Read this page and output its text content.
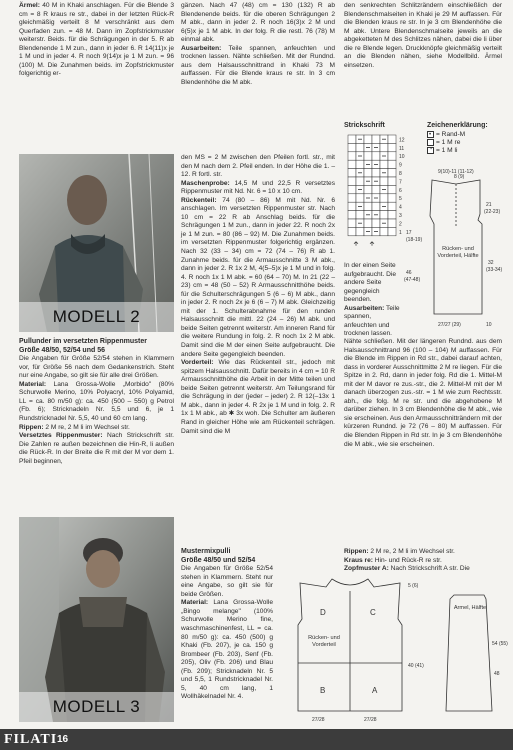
Ärmel: 40 M in Khaki anschlagen. Für die Blende 3 cm = 8 R kraus re str., dabei in der letzten Rück-R gleichmäßig verteilt 8 M verschränkt aus dem Querfaden zun. = 48 M. Dann im Zopfstrickmuster weiterstr. Beids. für die Schrägungen in der 5. R ab Blendenende 1 M zun., dann in jeder 6. R 14(11)x je 1 M und in jeder 4. R noch 9(14)x je 1 M zun. = 96 (100) M. Die Zunahmen beids. im Zopfstrickmuster folgerichtig er-

MODELL 2
Pullunder im versetzten Rippenmuster
Größe 48/50, 52/54 und 56

Die Angaben für Größe 52/54 stehen in Klammern vor, für Größe 56 nach dem Gedankenstrich. Steht nur eine Angabe, so gilt sie für alle drei Größen.

Material: Lana Grossa-Wolle „Morbido" (80% Schurwolle Merino, 10% Polyacryl, 10% Polyamid, LL = ca. 80 m/50 g): ca. 450 (500 – 550) g Petrol (Fb. 6); Stricknadeln Nr. 5,5 und 6, je 1 Rundstricknadel Nr. 5,5, 40 und 60 cm lang.

Rippen: 2 M re, 2 M li im Wechsel str.

Versetztes Rippenmuster: Nach Strickschrift str. Die Zahlen re außen bezeichnen die Hin-R, li außen die Rück-R. In der Breite die R mit der M vor dem 1. Pfeil beginnen,

MODELL 3

gänzen. Nach 47 (48) cm = 130 (132) R ab Blendenende beids. für die oberen Schrägungen 2 M abk., dann in jeder 2. R noch 16(3)x 2 M und 6(5)x je 1 M abk. In der folg. R die restl. 76 (78) M einmal abk.

Ausarbeiten: Teile spannen, anfeuchten und trocknen lassen. Nähte schließen. Mit der Rundnd. aus dem Halsausschnittrand in Khaki 73 M auffassen. Für die Blende kraus re str. In 3 cm Blendenhöhe die M abk.

den MS = 2 M zwischen den Pfeilen fortl. str., mit den M nach dem 2. Pfeil enden. In der Höhe die 1. – 12. R fortl. str.

Maschenprobe: 14,5 M und 22,5 R versetztes Rippenmuster mit Nd. Nr. 6 = 10 x 10 cm.

Rückenteil: 74 (80 – 86) M mit Nd. Nr. 6 anschlagen. Im versetzten Rippenmuster str. Nach 10 cm = 22 R ab Anschlag beids. für die Schrägungen 1 M zun., dann in jeder 22. R noch 2x je 1 M zun. = 80 (86 – 92) M. Die Zunahmen beids. im versetzten Rippenmuster folgerichtig ergänzen. Nach 32 (33 – 34) cm = 72 (74 – 76) R ab 1. Zunahme beids. für die Armausschnitte 3 M abk., dann in jeder 2. R 1x 2 M, 4(5–5)x je 1 M und in folg. 4. R noch 1x 1 M abk. = 60 (64 – 70) M. In 21 (22 – 23) cm = 48 (50 – 52) R Armausschnitthöhe beids. für die Schulterschrägungen 5 (6 – 6) M abk., dann in jeder 2. R noch 2x je 6 (6 – 7) M abk. Gleichzeitig mit der 1. Schulterabnahme für den runden Halsausschnitt die mittl. 22 (24 – 26) M abk. und beide Seiten getrennt weiterstr. Am inneren Rand für die weitere Rundung in folg. 2. R noch 1x 2 M abk. Damit sind die M der einen Seite aufgebraucht. Die andere Seite gegengleich beenden.

Vorderteil: Wie das Rückenteil str., jedoch mit spitzem Halsausschnitt. Dafür bereits in 4 cm = 10 R Armausschnitthöhe die Arbeit in der Mitte teilen und beide Seiten getrennt weiterstr. Am Teilungsrand für die Schrägung in der (jeder – jeder) 2. R 12(–13x 1 M abk., dann in jeder 4. R 2x je 1 M und in folg. 2. R 1x 1 M abk., ab ✱ 3x woh. Die Schulter am äußeren Rand in gleicher Höhe wie am Rückenteil schrägen. Damit sind die M

Mustermixpulli
Größe 48/50 und 52/54

Die Angaben für Größe 52/54 stehen in Klammern. Steht nur eine Angabe, so gilt sie für beide Größen.

Material: Lana Grossa-Wolle „Bingo melange" (100% Schurwolle Merino fine, waschmaschinenfest, LL = ca. 80 m/50 g): ca. 450 (500) g Khaki (Fb. 207), je ca. 150 g Brombeer (Fb. 203), Senf (Fb. 205), Oliv (Fb. 206) und Blau (Fb. 209); Stricknadeln Nr. 5 und 5,5, 1 Rundstricknadel Nr. 5, 40 cm lang, 1 Wollhäkelnadel Nr. 4.

den senkrechten Schlitzrändern einschließlich der Blendenschmalseiten in Khaki je 29 M auffassen. Für die Blenden kraus re str. In je 3 cm Blendenhöhe die M abk. Untere Blendenschmalseite jeweils an die abgeketteten M des Schlitzes nähen, dabei die li über die re Blende legen. Druckknöpfe gleichmäßig verteilt an die Blenden nähen, siehe Modellbild. Ärmel einsetzen.

Strickschrift
12
11
10
9
8
7
6
5
4
3
2
1
Zeichenerklärung:
• = Rand-M
= 1 M re
- = 1 M li
9(10)-11 (11-12)
8 (9)
17
(18-19)
21
(22-23)
46
(47-48)
32
(33-34)
27/27 (29)	10
Rücken- und Vorderteil, Hälfte

In der einen Seite aufgebraucht. Die andere Seite gegengleich beenden.

Ausarbeiten: Teile spannen, anfeuchten und trocknen lassen.

Nähte schließen. Mit der längeren Rundnd. aus dem Halsausschnittrand 96 (100 – 104) M auffassen. Für die Blende im Rippen in Rd str., dabei darauf achten, dass in vorderer Ausschnittmitte 2 M re liegen. Für die Spitze in 2. Rd, dann in jeder folg. Rd die 1. Mittel-M mit der M davor re zus.-str., die 2. Mittel-M mit der M danach überzogen zus.-str. = 1 M wie zum Rechtsstr. abh., die folg. M re str. und die abgehobene M darüber ziehen. In 3 cm Blendenhöhe die M abk., wie sie erscheinen. Aus den Armausschnitträndern mit der kürzeren Rundnd. je 72 (76 – 80) M auffassen. Für die Blenden Rippen in Rd str. In je 3 cm Blendenhöhe die M abk., wie sie erscheinen.

Rippen: 2 M re, 2 M li im Wechsel str.

Kraus re: Hin- und Rück-R re str.

Zopfmuster A: Nach Strickschrift A str. Die

D	C
B	A
Rücken- und Vorderteil
40 (41)
5 (6)
27/28	27/28
Ärmel, Hälfte
54 (55)
48
FILATI 16
